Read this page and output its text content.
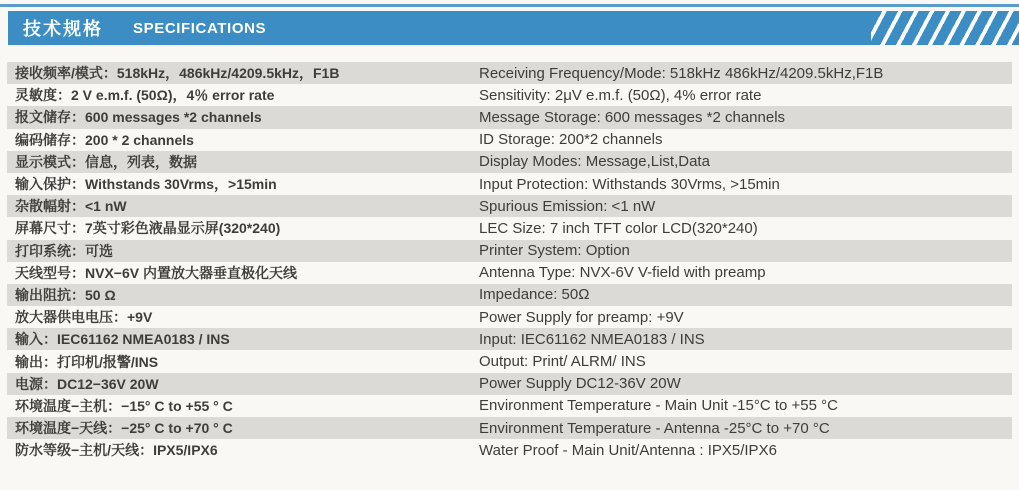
技术规格 SPECIFICATIONS
接收频率/模式：518kHz，486kHz/4209.5kHz，F1B	Receiving Frequency/Mode: 518kHz 486kHz/4209.5kHz,F1B
灵敏度：2 V e.m.f. (50Ω)，4％ error rate	Sensitivity: 2μV e.m.f. (50Ω), 4% error rate
报文储存：600 messages *2 channels	Message Storage: 600 messages *2 channels
编码储存：200 * 2 channels	ID Storage: 200*2 channels
显示模式：信息，列表，数据	Display Modes: Message,List,Data
输入保护：Withstands 30Vrms，>15min	Input Protection: Withstands 30Vrms, >15min
杂散幅射：<1 nW	Spurious Emission: <1 nW
屏幕尺寸：7英寸彩色液晶显示屏(320*240)	LEC Size: 7 inch TFT color LCD(320*240)
打印系统：可选	Printer System: Option
天线型号：NVX−6V 内置放大器垂直极化天线	Antenna Type: NVX-6V V-field with preamp
输出阻抗：50 Ω	Impedance: 50Ω
放大器供电电压：+9V	Power Supply for preamp: +9V
输入：IEC61162 NMEA0183 / INS	Input: IEC61162 NMEA0183 / INS
输出：打印机/报警/INS	Output: Print/ ALRM/ INS
电源：DC12−36V 20W	Power Supply DC12-36V 20W
环境温度−主机：−15° C to +55 ° C	Environment Temperature - Main Unit -15°C to +55 °C
环境温度−天线：−25° C to +70 ° C	Environment Temperature - Antenna -25°C to +70 °C
防水等级−主机/天线：IPX5/IPX6	Water Proof - Main Unit/Antenna : IPX5/IPX6
